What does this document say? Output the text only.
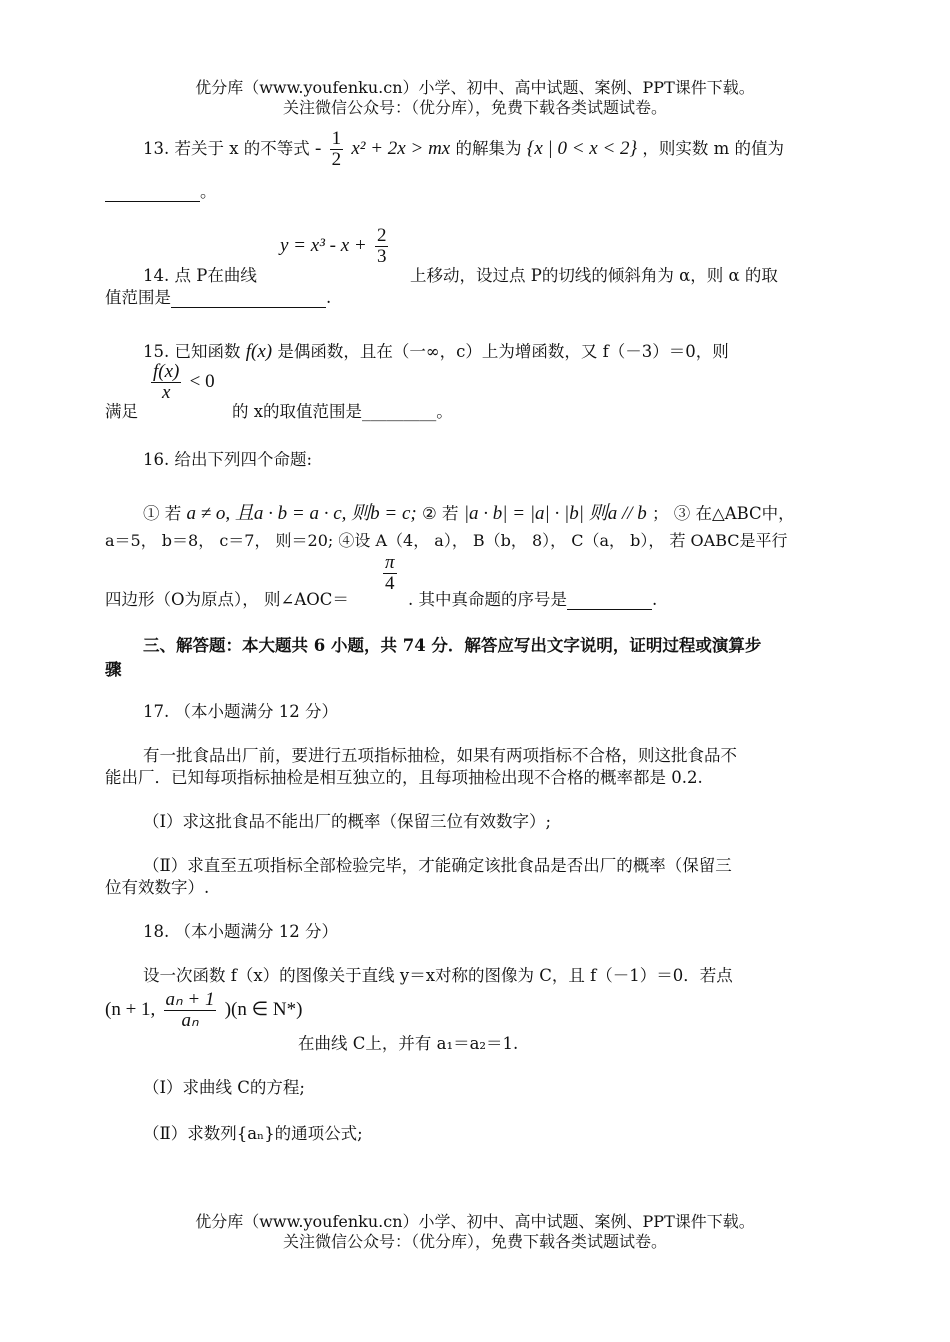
优分库（www.youfenku.cn）小学、初中、高中试题、案例、PPT课件下载。
关注微信公众号：（优分库），免费下载各类试题试卷。
13. 若关于 x 的不等式 - $\frac{1}{2} x^2 + 2x$ > mx 的解集为 {x | 0 < x < 2} ，则实数 m 的值为
。
$y = x^3 - x + \frac{2}{3}$
14. 点 P在曲线	上移动，设过点 P的切线的倾斜角为 α，则 α 的取
值范围是	.
15. 已知函数 f(x) 是偶函数，且在（一∞，c）上为增函数，又 f（－3）＝0，则
$\frac{f(x)}{x} < 0$
满足	的 x的取值范围是_________。
16. 给出下列四个命题:
① 若 a ≠ o, 且a · b = a · c, 则b = c; ② 若 |a · b| = |a| · |b| 则a // b ； ③ 在△ABC中，
a＝5， b＝8， c＝7， 则＝20; ④设 A（4， a）， B（b， 8）， C（a， b）， 若 OABC是平行
四边形（O为原点）， 则∠AOC＝
$\frac{\pi}{4}$
. 其中真命题的序号是	.
三、解答题：本大题共 6 小题，共 74 分．解答应写出文字说明，证明过程或演算步
骤
17. （本小题满分 12 分）
有一批食品出厂前，要进行五项指标抽检，如果有两项指标不合格，则这批食品不
能出厂．已知每项指标抽检是相互独立的，且每项抽检出现不合格的概率都是 0.2.
（Ⅰ）求这批食品不能出厂的概率（保留三位有效数字）;
（Ⅱ）求直至五项指标全部检验完毕，才能确定该批食品是否出厂的概率（保留三
位有效数字）.
18. （本小题满分 12 分）
设一次函数 f（x）的图像关于直线 y＝x对称的图像为 C，且 f（－1）＝0．若点
(n + 1, $\frac{\text{aₙ + 1}}{\text{aₙ}} )(n$ ∈ N*)
在曲线 C上，并有 a₁＝a₂＝1.
（Ⅰ）求曲线 C的方程;
（Ⅱ）求数列{aₙ}的通项公式;
优分库（www.youfenku.cn）小学、初中、高中试题、案例、PPT课件下载。
关注微信公众号：（优分库），免费下载各类试题试卷。
